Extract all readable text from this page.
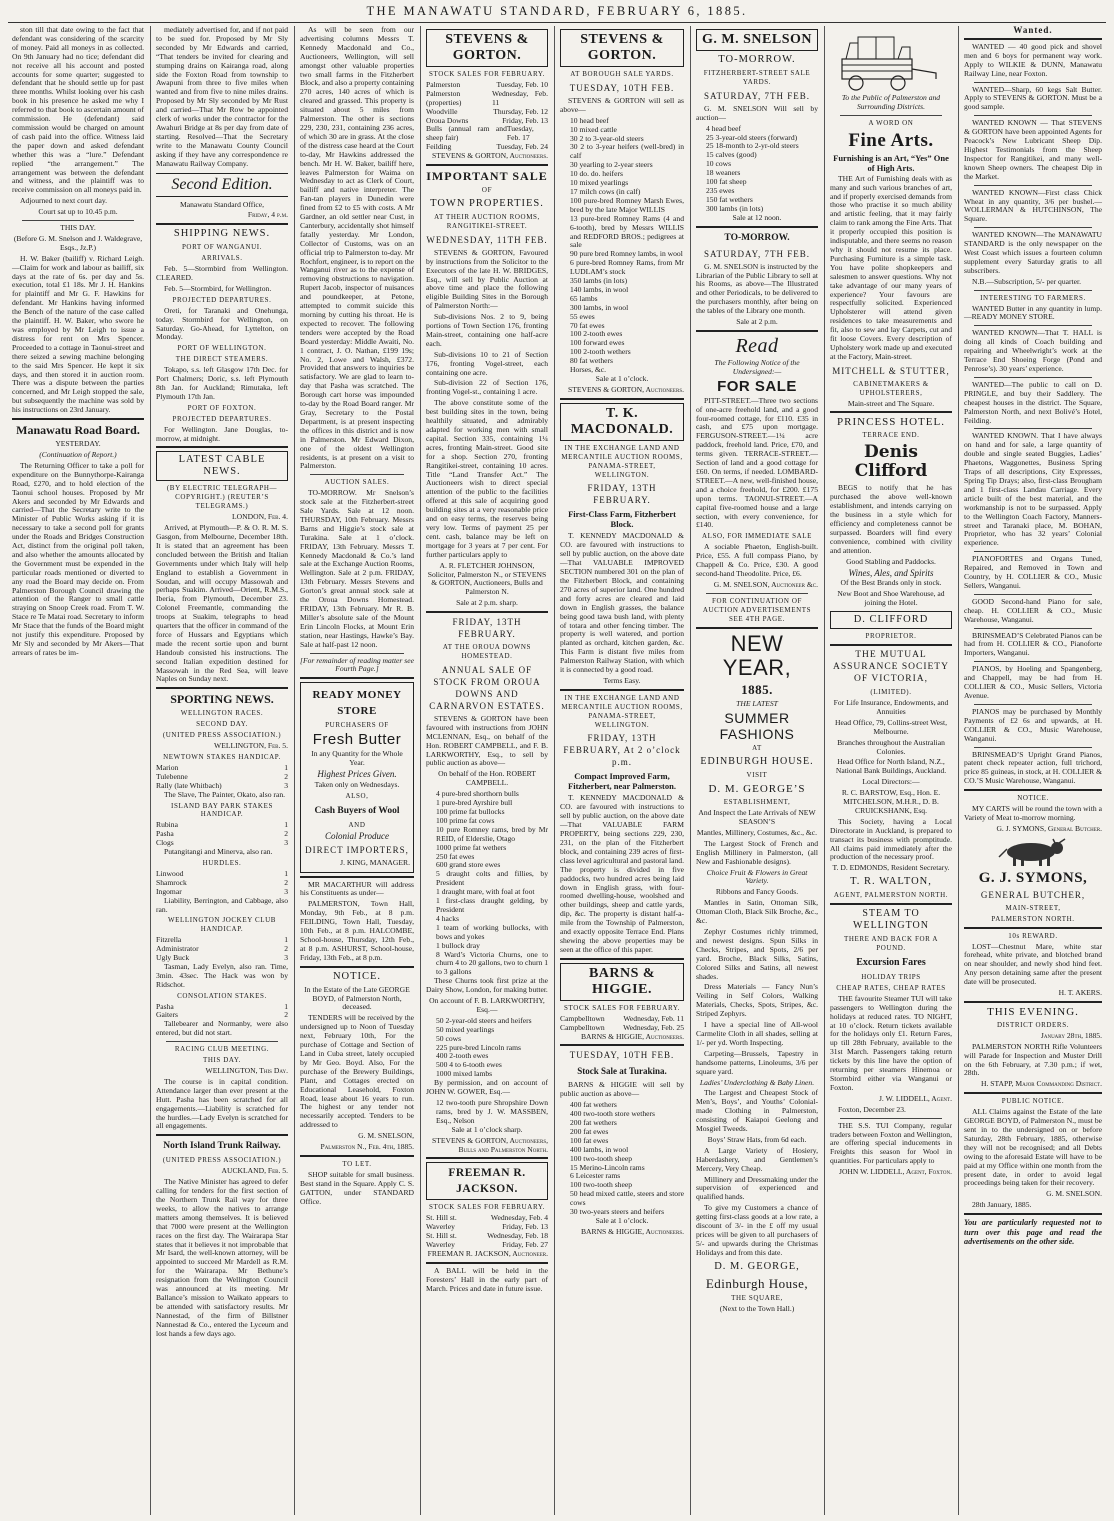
THE MANAWATU STANDARD, FEBRUARY 6, 1885.

ston till that date owing to the fact that defendant was considering of the scarcity of money. Paid all moneys in as collected. On 9th January had no tice; defendant did not receive all his account and posted accounts for some quarter; suggested to defendant that he should settle up for past three months. Whilst looking over his cash book in his presence he asked me why I referred to that book to ascertain amount of commission. He (defendant) said commission would be charged on amount of cash paid into the office. Witness laid the paper down and asked defendant whether this was a “lure.” Defendant replied “the arrangement.” The arrangement was between the defendant and witness, and the plaintiff was to receive commission on all moneys paid in.

Adjourned to next court day.

Court sat up to 10.45 p.m.

THIS DAY.

(Before G. M. Snelson and J. Waldegrave, Esqs., Jz.P.)

H. W. Baker (bailiff) v. Richard Leigh.—Claim for work and labour as bailiff, six days at the rate of 6s. per day and 5s. execution, total £1 18s. Mr J. H. Hankins for plaintiff and Mr G. F. Hawkins for defendant. Mr Hankins having informed the Bench of the nature of the case called the plaintiff. H. W. Baker, who swore he was employed by Mr Leigh to issue a distress for rent on Mrs Spencer. Proceeded to a cottage in Taonui-street and there seized a sewing machine belonging to the said Mrs Spencer. He kept it six days, and then stored it in auction room. There was a dispute between the parties concerned, and Mr Leigh stopped the sale, but subsequently the machine was sold by his instructions on 23rd January.

Manawatu Road Board.

YESTERDAY.

(Continuation of Report.)

The Returning Officer to take a poll for expenditure on the Bunnythorpe-Kairanga Road, £270, and to hold election of the Taonui school houses. Proposed by Mr Akers and seconded by Mr Edwards and carried—That the Secretary write to the Minister of Public Works asking if it is necessary to take a second poll for grants under the Roads and Bridges Construction Act, distinct from the original poll taken, and also whether the amounts allocated by the Government must be expended in the particular roads mentioned or diverted to any road the Board may decide on. From Palmerston Borough Council drawing the attention of the Ranger to small cattle straying on Snoop Creek road. From T. W. Stace re Te Matai road. Secretary to inform Mr Stace that the funds of the Board might not justify this expenditure. Proposed by Mr Sly and seconded by Mr Akers—That arrears of rates be im-

mediately advertised for, and if not paid to be sued for. Proposed by Mr Sly seconded by Mr Edwards and carried, “That tenders be invited for clearing and stumping drains on Kairanga road, along side the Foxton Road from township to Awapuni from three to five miles when wanted and from five to nine miles drains. Proposed by Mr Sly seconded by Mr Rust and carried—That Mr Row be appointed clerk of works under the contractor for the Awahuri Bridge at 8s per day from date of starting. Resolved—That the Secretary write to the Manawatu County Council asking if they have any correspondence re Manawatu Railway Company.

Second Edition.

Manawatu Standard Office,

Friday, 4 p.m.

SHIPPING NEWS.

PORT OF WANGANUI.

ARRIVALS.

Feb. 5—Stormbird from Wellington. CLEARED.

Feb. 5—Stormbird, for Wellington.

PROJECTED DEPARTURES.

Oreti, for Taranaki and Onehunga, today. Stormbird for Wellington, on Saturday. Go-Ahead, for Lyttelton, on Monday.

PORT OF WELLINGTON.

THE DIRECT STEAMERS.

Tokapo, s.s. left Glasgow 17th Dec. for Port Chalmers; Doric, s.s. left Plymouth 8th Jan. for Auckland; Rimutaka, left Plymouth 17th Jan.

PORT OF FOXTON.

PROJECTED DEPARTURES.

For Wellington. Jane Douglas, to-morrow, at midnight.

LATEST CABLE NEWS.

(BY ELECTRIC TELEGRAPH—COPYRIGHT.) (REUTER’S TELEGRAMS.)

LONDON, Feb. 4.

Arrived, at Plymouth—P. & O. R. M. S. Gasgon, from Melbourne, December 18th. It is stated that an agreement has been concluded between the British and Italian Governments under which Italy will help England to establish a Government in Soudan, and will occupy Massowah and perhaps Suakim. Arrived—Orient, R.M.S., Iberia, from Plymouth, December 23. Colonel Freemantle, commanding the troops at Suakim, telegraphs to head quarters that the officer in command of the force of Hussars and Egyptians which made the recent sortie upon and burnt Handoub consisted his instructions. The second Italian expedition destined for Massowah in the Red Sea, will leave Naples on Sunday next.

SPORTING NEWS.

WELLINGTON RACES.

SECOND DAY.

(UNITED PRESS ASSOCIATION.)

WELLINGTON, Feb. 5.

NEWTOWN STAKES HANDICAP.

Marion	1
Tulebenne	2
Rally (late Whitbach)	3

The Slave, The Painter, Okato, also ran.

ISLAND BAY PARK STAKES HANDICAP.

Rubina	1
Pasha	2
Clogs	3

Putangitangi and Minerva, also ran.

HURDLES.

Linwood	1
Shamrock	2
Ingomar	3

Liability, Berrington, and Cabbage, also ran.

WELLINGTON JOCKEY CLUB HANDICAP.

Fitzrella	1
Administrator	2
Ugly Buck	3

Tasman, Lady Evelyn, also ran. Time, 3min. 43sec. The Hack was won by Ridschot.

CONSOLATION STAKES.

Pasha	1
Gaiters	2

Tallebearer and Normanby, were also entered, but did not start.

RACING CLUB MEETING.

THIS DAY.

WELLINGTON, This Day.

The course is in capital condition. Attendance larger than ever present at the Hutt. Pasha has been scratched for all engagements.—Liability is scratched for the hurdles.—Lady Evelyn is scratched for all engagements.

North Island Trunk Railway.

(UNITED PRESS ASSOCIATION.)

AUCKLAND, Feb. 5.

The Native Minister has agreed to defer calling for tenders for the first section of the Northern Trunk Rail way for three weeks, to allow the natives to arrange matters among themselves. It is believed that 7000 were present at the Wellington races on the first day. The Wairarapa Star states that it believes it not improbable that Mr Isard, the well-known attorney, will be appointed to succeed Mr Mardell as R.M. for the Wairarapa. Mr Bethune’s resignation from the Wellington Council was announced at its meeting. Mr Ballance’s mission to Waikato appears to be attended with satisfactory results. Mr Nannestad, of the firm of Billstner Nannestad & Co., entered the Lyceum and lost hands a few days ago.

As will be seen from our advertising columns Messrs T. Kennedy Macdonald and Co., Auctioneers, Wellington, will sell amongst other valuable properties two small farms in the Fitzherbert Block, and also a property containing 270 acres, 140 acres of which is cleared and grassed. This property is situated about 5 miles from Palmerston. The other is sections 229, 230, 231, containing 236 acres, of which 30 are in grass. At the close of the distress case heard at the Court to-day, Mr Hawkins addressed the bench. Mr H. W. Baker, bailiff here, leaves Palmerston for Waima on Wednesday to act as Clerk of Court, bailiff and native interpreter. The Fan-tan players in Dunedin were fined from £2 to £5 with costs. A Mr Gardner, an old settler near Cust, in Canterbury, accidentally shot himself fatally yesterday. Mr London, Collector of Customs, was on an official trip to Palmerston to-day. Mr Rochfort, engineer, is to report on the Wanganui river as to the expense of removing obstructions to navigation. Rupert Jacob, inspector of nuisances and poundkeeper, at Petone, attempted to commit suicide this morning by cutting his throat. He is expected to recover. The following tenders were accepted by the Road Board yesterday: Middle Awaiti, No. 1 contract, J. O. Nathan, £199 19s; No. 2, Lowe and Walsh, £372. Provided that answers to inquiries be satisfactory. We are glad to learn to-day that Pasha was scratched. The Borough cart horse was impounded to-day by the Road Board ranger. Mr Gray, Secretary to the Postal Department, is at present inspecting the offices in this district and is now in Palmerston. Mr Edward Dixon, one of the oldest Wellington residents, is at present on a visit to Palmerston.

AUCTION SALES.

TO-MORROW. Mr Snelson’s stock sale at the Fitzherbert-street Sale Yards. Sale at 12 noon. THURSDAY, 10th February. Messrs Barns and Higgie’s stock sale at Turakina. Sale at 1 o’clock. FRIDAY, 13th February. Messrs T. Kennedy Macdonald & Co.’s land sale at the Exchange Auction Rooms, Wellington. Sale at 2 p.m. FRIDAY, 13th February. Messrs Stevens and Gorton’s great annual stock sale at the Oroua Downs Homestead. FRIDAY, 13th February. Mr R. B. Miller’s absolute sale of the Mount Erin Lincoln Flocks, at Mount Erin station, near Hastings, Hawke’s Bay. Sale at half-past 12 noon.

[For remainder of reading matter see Fourth Page.]

READY MONEY STORE

PURCHASERS OF

Fresh Butter

In any Quantity for the Whole Year.

Highest Prices Given.

Taken only on Wednesdays.

ALSO,

Cash Buyers of Wool

AND

Colonial Produce

DIRECT IMPORTERS,

J. KING, MANAGER.

MR MACARTHUR will address his Constituents as under—

PALMERSTON, Town Hall, Monday, 9th Feb., at 8 p.m. FEILDING, Town Hall, Tuesday, 10th Feb., at 8 p.m. HALCOMBE, School-house, Thursday, 12th Feb., at 8 p.m. ASHURST, School-house, Friday, 13th Feb., at 8 p.m.

NOTICE.

In the Estate of the Late GEORGE BOYD, of Palmerston North, deceased.

TENDERS will be received by the undersigned up to Noon of Tuesday next, February 10th, For the purchase of Cottage and Section of Land in Cuba street, lately occupied by Mr Geo. Boyd. Also, For the purchase of the Brewery Buildings, Plant, and Cottages erected on Educational Leasehold, Foxton Road, lease about 16 years to run. The highest or any tender not necessarily accepted. Tenders to be addressed to

G. M. SNELSON,

Palmerston N., Feb. 4th, 1885.

TO LET.

SHOP suitable for small business. Best stand in the Square. Apply C. S. GATTON, under STANDARD Office.

STEVENS & GORTON.

STOCK SALES FOR FEBRUARY.

Palmerston	Tuesday, Feb. 10
Palmerston (properties)
Wednesday, Feb. 11
Woodville	Thursday, Feb. 12
Oroua Downs	Friday, Feb. 13
Bulls (annual ram and sheep fair)
Tuesday, Feb. 17
Feilding	Tuesday, Feb. 24

STEVENS & GORTON, Auctioneers.

IMPORTANT SALE

OF

TOWN PROPERTIES.

AT THEIR AUCTION ROOMS, RANGITIKEI-STREET.

WEDNESDAY, 11TH FEB.

STEVENS & GORTON, Favoured by instructions from the Solicitor to the Executors of the late H. W. BRIDGES, Esq., will sell by Public Auction at above time and place the following eligible Building Sites in the Borough of Palmerston North:—

Sub-divisions Nos. 2 to 9, being portions of Town Section 176, fronting Main-street, containing one half-acre each.

Sub-divisions 10 to 21 of Section 176, fronting Vogel-street, each containing one acre.

Sub-division 22 of Section 176, fronting Vogel-st., containing 1 acre.

The above constitute some of the best building sites in the town, being healthily situated, and admirably adapted for working men with small capital. Section 335, containing 1¼ acres, fronting Main-street. Good site for a shop. Section 270, fronting Rangitikei-street, containing 10 acres. Title “Land Transfer Act.” The Auctioneers wish to direct special attention of the public to the facilities offered at this sale of acquiring good building sites at a very reasonable price and on easy terms, the reserves being very low. Terms of payment 25 per cent. cash, balance may be left on mortgage for 3 years at 7 per cent. For further particulars apply to

A. R. FLETCHER JOHNSON, Solicitor, Palmerston N., or STEVENS & GORTON, Auctioneers, Bulls and Palmerston N.

Sale at 2 p.m. sharp.

FRIDAY, 13TH FEBRUARY.

AT THE OROUA DOWNS HOMESTEAD.

ANNUAL SALE OF STOCK FROM OROUA DOWNS AND CARNARVON ESTATES.

STEVENS & GORTON have been favoured with instructions from JOHN MCLENNAN, Esq., on behalf of the Hon. ROBERT CAMPBELL, and F. B. LARKWORTHY, Esq., to sell by public auction as above—

On behalf of the Hon. ROBERT CAMPBELL.

4 pure-bred shorthorn bulls

1 pure-bred Ayrshire bull

100 prime fat bullocks

100 prime fat cows

10 pure Romney rams, bred by Mr REID, of Elderslie, Otago

1000 prime fat wethers

250 fat ewes

600 grand store ewes

5 draught colts and fillies, by President

1 draught mare, with foal at foot

1 first-class draught gelding, by President

4 hacks

1 team of working bullocks, with bows and yokes

1 bullock dray

8 Ward’s Victoria Churns, one to churn 4 to 20 gallons, two to churn 1 to 3 gallons

These Churns took first prize at the Dairy Show, London, for making butter.

On account of F. B. LARKWORTHY, Esq.—

50 2-year-old steers and heifers

50 mixed yearlings

50 cows

225 pure-bred Lincoln rams

400 2-tooth ewes

500 4 to 6-tooth ewes

1000 mixed lambs

By permission, and on account of JOHN W. GOWER, Esq.—

12 two-tooth pure Shropshire Down rams, bred by J. W. MASSBEN, Esq., Nelson

Sale at 1 o’clock sharp.

STEVENS & GORTON, Auctioneers, Bulls and Palmerston North.

FREEMAN R. JACKSON.

STOCK SALES FOR FEBRUARY.

St. Hill st.	Wednesday, Feb. 4
Waverley	Friday, Feb. 13
St. Hill st.	Wednesday, Feb. 18
Waverley	Friday, Feb. 27

FREEMAN R. JACKSON, Auctioneer.

A BALL will be held in the Foresters’ Hall in the early part of March. Prices and date in future issue.

STEVENS & GORTON.

AT BOROUGH SALE YARDS.

TUESDAY, 10TH FEB.

STEVENS & GORTON will sell as above—

10 head beef

10 mixed cattle

30 2 to 3-year-old steers

30 2 to 3-year heifers (well-bred) in calf

30 yearling to 2-year steers

10 do. do. heifers

10 mixed yearlings

17 milch cows (in calf)

100 pure-bred Romney Marsh Ewes, bred by the late Major WILLIS

13 pure-bred Romney Rams (4 and 6-tooth), bred by Messrs WILLIS and REDFORD BROS.; pedigrees at sale

90 pure bred Romney lambs, in wool

6 pure-bred Romney Rams, from Mr LUDLAM’s stock

350 lambs (in lots)

140 lambs, in wool

65 lambs

300 lambs, in wool

55 ewes

70 fat ewes

100 2-tooth ewes

100 forward ewes

100 2-tooth wethers

80 fat wethers

Horses, &c.

Sale at 1 o’clock.

STEVENS & GORTON, Auctioneers.

T. K. MACDONALD.

IN THE EXCHANGE LAND AND MERCANTILE AUCTION ROOMS, PANAMA-STREET, WELLINGTON.

FRIDAY, 13TH FEBRUARY.

First-Class Farm, Fitzherbert Block.

T. KENNEDY MACDONALD & CO. are favoured with instructions to sell by public auction, on the above date—That VALUABLE IMPROVED SECTION numbered 301 on the plan of the Fitzherbert Block, and containing 270 acres of superior land. One hundred and forty acres are cleared and laid down in English grasses, the balance being good tawa bush land, with plenty of totara and other fencing timber. The property is well watered, and portion planted as orchard, kitchen garden, &c. This Farm is distant five miles from Palmerston Railway Station, with which it is connected by a good road.

Terms Easy.

IN THE EXCHANGE LAND AND MERCANTILE AUCTION ROOMS, PANAMA-STREET, WELLINGTON.

FRIDAY, 13TH FEBRUARY, At 2 o’clock p.m.

Compact Improved Farm, Fitzherbert, near Palmerston.

T. KENNEDY MACDONALD & CO. are favoured with instructions to sell by public auction, on the above date—That VALUABLE FARM PROPERTY, being sections 229, 230, 231, on the plan of the Fitzherbert block, and containing 239 acres of first-class level agricultural and pastoral land. The property is divided in five paddocks, two hundred acres being laid down in English grass, with four-roomed dwelling-house, woolshed and other buildings, sheep and cattle yards, dip, &c. The property is distant half-a-mile from the Township of Palmerston, and exactly opposite Terrace End. Plans shewing the above properties may be seen at the office of this paper.

BARNS & HIGGIE.

STOCK SALES FOR FEBRUARY.

Campbelltown Wednesday, Feb. 11
Campbelltown Wednesday, Feb. 25

BARNS & HIGGIE, Auctioneers.

TUESDAY, 10TH FEB.

Stock Sale at Turakina.

BARNS & HIGGIE will sell by public auction as above—

400 fat wethers

400 two-tooth store wethers

200 fat wethers

200 fat ewes

100 fat ewes

400 lambs, in wool

100 two-tooth sheep

15 Merino-Lincoln rams

6 Leicester rams

100 two-tooth sheep

50 head mixed cattle, steers and store cows

30 two-years steers and heifers

Sale at 1 o’clock.

BARNS & HIGGIE, Auctioneers.

G. M. SNELSON

TO-MORROW.

FITZHERBERT-STREET SALE YARDS.

SATURDAY, 7TH FEB.

G. M. SNELSON Will sell by auction—

4 head beef

25 3-year-old steers (forward)

25 18-month to 2-yr-old steers

15 calves (good)

10 cows

18 weaners

100 fat sheep

235 ewes

150 fat wethers

300 lambs (in lots)

Sale at 12 noon.

TO-MORROW.

SATURDAY, 7TH FEB.

G. M. SNELSON is instructed by the Librarian of the Public Library to sell at his Rooms, as above—The Illustrated and other Periodicals, to be delivered to the purchasers monthly, after being on the tables of the Library one month.

Sale at 2 p.m.

Read

The Following Notice of the Undersigned:—

FOR SALE

PITT-STREET.—Three two sections of one-acre freehold land, and a good four-roomed cottage, for £110. £35 in cash, and £75 upon mortgage. FERGUSON-STREET.—1¼ acre paddock, freehold land. Price, £70, and terms given. TERRACE-STREET.—Section of land and a good cottage for £60. On terms, if needed. LOMBARD-STREET.—A new, well-finished house, and a choice freehold, for £200. £175 upon terms. TAONUI-STREET.—A capital five-roomed house and a large section, with every convenience, for £140.

ALSO, FOR IMMEDIATE SALE

A sociable Phaeton, English-built. Price, £55. A full compass Piano, by Chappell & Co. Price, £30. A good second-hand Theodolite. Price, £6.

G. M. SNELSON, Auctioneer &c.

FOR CONTINUATION OF AUCTION ADVERTISEMENTS SEE 4TH PAGE.

NEW YEAR,

1885.

THE LATEST

SUMMER FASHIONS

AT

EDINBURGH HOUSE.

VISIT

D. M. GEORGE’S

ESTABLISHMENT,

And Inspect the Late Arrivals of NEW SEASON’S

Mantles, Millinery, Costumes, &c., &c.

The Largest Stock of French and English Millinery in Palmerston, (all New and Fashionable designs).

Choice Fruit & Flowers in Great Variety.

Ribbons and Fancy Goods.

Mantles in Satin, Ottoman Silk, Ottoman Cloth, Black Silk Broche, &c., &c.

Zephyr Costumes richly trimmed, and newest designs. Spun Silks in Checks, Stripes, and Spots, 2/6 per yard. Broche, Black Silks, Satins, Colored Silks and Satins, all newest shades.

Dress Materials — Fancy Nun’s Veiling in Self Colors, Walking Materials, Checks, Spots, Stripes, &c. Striped Zephyrs.

I have a special line of All-wool Carmelite Cloth in all shades, selling at 1/- per yd. Worth Inspecting.

Carpeting—Brussels, Tapestry in handsome patterns, Linoleums, 3/6 per square yard.

Ladies’ Underclothing & Baby Linen.

The Largest and Cheapest Stock of Men’s, Boys’, and Youths’ Colonial-made Clothing in Palmerston, consisting of Kaiapoi Geelong and Mosgiel Tweeds.

Boys’ Straw Hats, from 6d each.

A Large Variety of Hosiery, Haberdashery, and Gentlemen’s Mercery, Very Cheap.

Millinery and Dressmaking under the supervision of experienced and qualified hands.

To give my Customers a chance of getting first-class goods at a low rate, a discount of 3/- in the £ off my usual prices will be given to all purchasers of 5/- and upwards during the Christmas Holidays and from this date.

D. M. GEORGE,

Edinburgh House,

THE SQUARE,

(Next to the Town Hall.)

To the Public of Palmerston and Surrounding Districts.

A WORD ON

Fine Arts.

Furnishing is an Art, “Yes” One of High Arts.

THE Art of Furnishing deals with as many and such various branches of art, and if properly exercised demands from those who practise it so much ability and artistic feeling, that it may fairly claim to rank among the Fine Arts. That it properly occupied this position is indisputable, and there seems no reason why it should not resume its place. Purchasing Furniture is a simple task. You have polite shopkeepers and salesmen to answer questions. Why not take advantage of our many years of experience? Your favours are respectfully solicited. Experienced Upholsterer will attend given residences to take measurements and fit, also to sew and lay Carpets, cut and fit loose Covers. Every description of Upholstery work made up and executed at the Factory, Main-street.

MITCHELL & STUTTER,

CABINETMAKERS & UPHOLSTERERS,

Main-street and The Square.

PRINCESS HOTEL.

TERRACE END.

Denis Clifford

BEGS to notify that he has purchased the above well-known establishment, and intends carrying on the business in a style which for efficiency and completeness cannot be surpassed. Boarders will find every convenience, combined with civility and attention.

Good Stabling and Paddocks.

Wines, Ales, and Spirits

Of the Best Brands only in stock.

New Boot and Shoe Warehouse, ad joining the Hotel.

D. CLIFFORD

PROPRIETOR.

THE MUTUAL ASSURANCE SOCIETY OF VICTORIA,

(LIMITED).

For Life Insurance, Endowments, and Annuities

Head Office, 79, Collins-street West, Melbourne.

Branches throughout the Australian Colonies.

Head Office for North Island, N.Z., National Bank Buildings, Auckland.

Local Directors:—

R. C. BARSTOW, Esq., Hon. E. MITCHELSON, M.H.R., D. B. CRUICKSHANK, Esq.

This Society, having a Local Directorate in Auckland, is prepared to transact its business with promptitude. All claims paid immediately after the production of the necessary proof.

T. D. EDMONDS, Resident Secretary.

T. R. WALTON,

AGENT, PALMERSTON NORTH.

STEAM TO WELLINGTON

THERE AND BACK FOR A POUND.

Excursion Fares

HOLIDAY TRIPS

CHEAP RATES, CHEAP RATES

THE favourite Steamer TUI will take passengers to Wellington during the holidays at reduced rates. TO NIGHT, at 10 o’clock. Return tickets available for the holidays only £1. Return Fares, up till 28th February, available to the 31st March. Passengers taking return tickets by this line have the option of returning per steamers Hinemoa or Stormbird either via Wanganui or Foxton.

J. W. LIDDELL, Agent.

Foxton, December 23.

THE S.S. TUI Company, regular traders between Foxton and Wellington, are offering special inducements in Freights this season for Wool in quantities. For particulars apply to

JOHN W. LIDDELL, Agent, Foxton.

Wanted.

WANTED — 40 good pick and shovel men and 6 boys for permanent way work. Apply to WILKIE & DUNN, Manawatu Railway Line, near Foxton.

WANTED—Sharp, 60 kegs Salt Butter. Apply to STEVENS & GORTON. Must be a good sample.

WANTED KNOWN — That STEVENS & GORTON have been appointed Agents for Peacock’s New Lubricant Sheep Dip. Highest Testimonials from the Sheep Inspector for Rangitikei, and many well-known Sheep owners. The cheapest Dip in the Market.

WANTED KNOWN—First class Chick Wheat in any quantity, 3/6 per bushel.—WOLLERMAN & HUTCHINSON, The Square.

WANTED KNOWN—The MANAWATU STANDARD is the only newspaper on the West Coast which issues a fourteen column supplement every Saturday gratis to all subscribers.

N.B.—Subscription, 5/- per quarter.

INTERESTING TO FARMERS.

WANTED Butter in any quantity in lump.—READY MONEY STORE.

WANTED KNOWN—That T. HALL is doing all kinds of Coach building and repairing and Wheelwright’s work at the Terrace End Shoeing Forge (Pond and Penrose’s). 30 years’ experience.

WANTED—The public to call on D. PRINGLE, and buy their Saddlery. The cheapest houses in the district. The Square, Palmerston North, and next Bolivé’s Hotel, Feilding.

WANTED KNOWN. That I have always on hand and for sale, a large quantity of double and single seated Buggies, Ladies’ Phaetons, Waggonettes, Business Spring Traps of all descriptions, City Expresses, Spring Tip Drays; also, first-class Brougham and 1 first-class Landau Carriage. Every article built of the best material, and the workmanship is not to be surpassed. Apply to the Wellington Coach Factory, Manners-street and Taranaki place, M. BOHAN, Proprietor, who has 32 years’ Colonial experience.

PIANOFORTES and Organs Tuned, Repaired, and Removed in Town and Country, by H. COLLIER & CO., Music Sellers, Wanganui.

GOOD Second-hand Piano for sale, cheap. H. COLLIER & CO., Music Warehouse, Wanganui.

BRINSMEAD’S Celebrated Pianos can be had from H. COLLIER & CO., Pianoforte Importers, Wanganui.

PIANOS, by Hoeling and Spangenberg, and Chappell, may be had from H. COLLIER & CO., Music Sellers, Victoria Avenue.

PIANOS may be purchased by Monthly Payments of £2 6s and upwards, at H. COLLIER & CO., Music Warehouse, Wanganui.

BRINSMEAD’S Upright Grand Pianos, patent check repeater action, full trichord, price 85 guineas, in stock, at H. COLLIER & CO.’S Music Warehouse, Wanganui.

NOTICE.

MY CARTS will be round the town with a Variety of Meat to-morrow morning.

G. J. SYMONS, General Butcher.

G. J. SYMONS,

GENERAL BUTCHER,

MAIN-STREET,

PALMERSTON NORTH.

10s REWARD.

LOST—Chestnut Mare, white star forehead, white private, and blotched brand on near shoulder, and newly shod hind feet. Any person detaining same after the present date will be prosecuted.

H. T. AKERS.

THIS EVENING.

DISTRICT ORDERS.

January 28th, 1885.

PALMERSTON NORTH Rifle Volunteers will Parade for Inspection and Muster Drill on the 6th February, at 7.30 p.m.; if wet, 28th.

H. STAPP, Major Commanding District.

PUBLIC NOTICE.

ALL Claims against the Estate of the late GEORGE BOYD, of Palmerston N., must be sent in to the undersigned on or before Saturday, 28th February, 1885, otherwise they will not be recognised; and all Debts owing to the aforesaid Estate will have to be paid at my Office within one month from the present date, in order to avoid legal proceedings being taken for their recovery.

G. M. SNELSON.

28th January, 1885.

You are particularly requested not to turn over this page and read the advertisements on the other side.
